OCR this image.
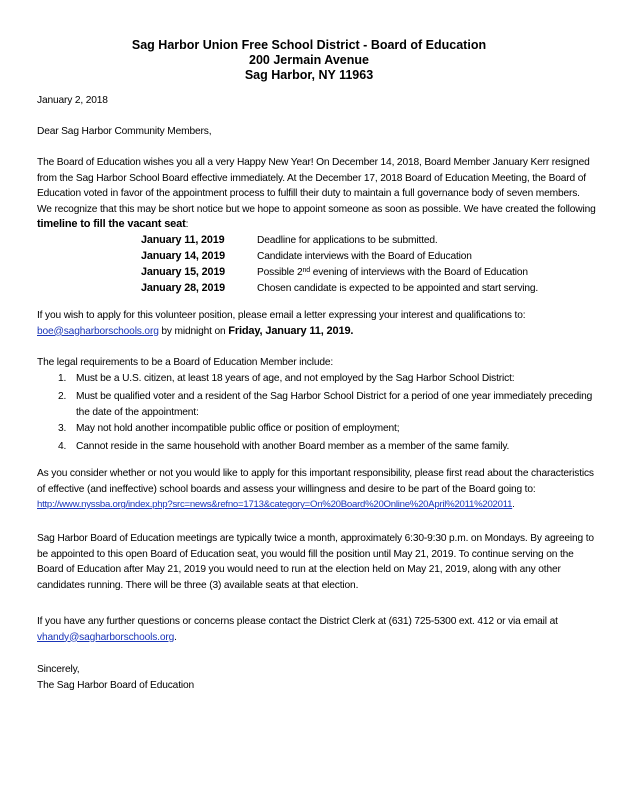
Sag Harbor Union Free School District - Board of Education
200 Jermain Avenue
Sag Harbor, NY 11963
January 2, 2018
Dear Sag Harbor Community Members,
The Board of Education wishes you all a very Happy New Year! On December 14, 2018, Board Member January Kerr resigned
from the Sag Harbor School Board effective immediately. At the December 17, 2018 Board of Education Meeting, the Board of
Education voted in favor of the appointment process to fulfill their duty to maintain a full governance body of seven members.
We recognize that this may be short notice but we hope to appoint someone as soon as possible. We have created the following
timeline to fill the vacant seat:
January 11, 2019	Deadline for applications to be submitted.
January 14, 2019	Candidate interviews with the Board of Education
January 15, 2019	Possible 2nd evening of interviews with the Board of Education
January 28, 2019	Chosen candidate is expected to be appointed and start serving.
If you wish to apply for this volunteer position, please email a letter expressing your interest and qualifications to:
boe@sagharborschools.org by midnight on Friday, January 11, 2019.
The legal requirements to be a Board of Education Member include:
1. Must be a U.S. citizen, at least 18 years of age, and not employed by the Sag Harbor School District:
2. Must be qualified voter and a resident of the Sag Harbor School District for a period of one year immediately preceding
the date of the appointment:
3. May not hold another incompatible public office or position of employment;
4. Cannot reside in the same household with another Board member as a member of the same family.
As you consider whether or not you would like to apply for this important responsibility, please first read about the characteristics
of effective (and ineffective) school boards and assess your willingness and desire to be part of the Board going to:
http://www.nyssba.org/index.php?src=news&refno=1713&category=On%20Board%20Online%20April%2011%202011.
Sag Harbor Board of Education meetings are typically twice a month, approximately 6:30-9:30 p.m. on Mondays. By agreeing to
be appointed to this open Board of Education seat, you would fill the position until May 21, 2019. To continue serving on the
Board of Education after May 21, 2019 you would need to run at the election held on May 21, 2019, along with any other
candidates running. There will be three (3) available seats at that election.
If you have any further questions or concerns please contact the District Clerk at (631) 725-5300 ext. 412 or via email at
vhandy@sagharborschools.org.
Sincerely,
The Sag Harbor Board of Education
